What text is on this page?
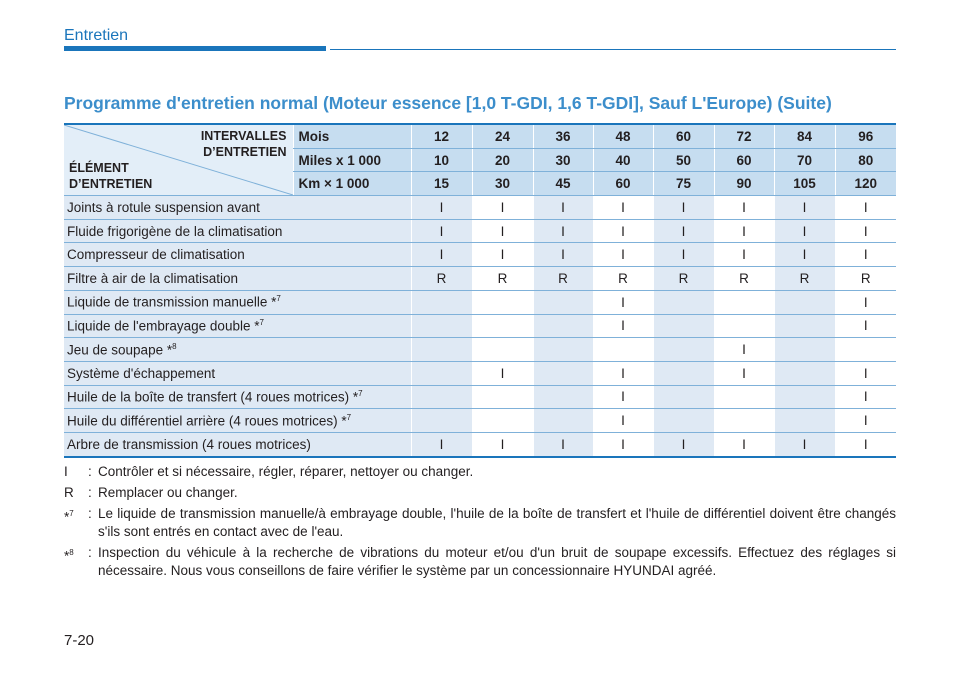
Entretien
Programme d'entretien normal (Moteur essence [1,0 T-GDI, 1,6 T-GDI], Sauf L'Europe) (Suite)
INTERVALLES
D’ENTRETIEN
ÉLÉMENT
D’ENTRETIEN	Mois	12	24	36	48	60	72	84	96
	Miles x 1 000	10	20	30	40	50	60	70	80
	Km × 1 000	15	30	45	60	75	90	105	120
Joints à rotule suspension avant		I	I	I	I	I	I	I	I
Fluide frigorigène de la climatisation		I	I	I	I	I	I	I	I
Compresseur de climatisation		I	I	I	I	I	I	I	I
Filtre à air de la climatisation		R	R	R	R	R	R	R	R
Liquide de transmission manuelle *$^7$					I				I
Liquide de l'embrayage double *$^7$					I				I
Jeu de soupape *$^8$							I		
Système d'échappement			I		I		I		I
Huile de la boîte de transfert (4 roues motrices) *$^7$					I				I
Huile du différentiel arrière (4 roues motrices) *$^7$					I				I
Arbre de transmission (4 roues motrices)		I	I	I	I	I	I	I	I
I	: Contrôler et si nécessaire, régler, réparer, nettoyer ou changer.
R	: Remplacer ou changer.
*$^7$	: Le liquide de transmission manuelle/à embrayage double, l'huile de la boîte de transfert et l'huile de différentiel doivent être changés s'ils sont entrés en contact avec de l'eau.
*$^8$	: Inspection du véhicule à la recherche de vibrations du moteur et/ou d'un bruit de soupape excessifs. Effectuez des réglages si nécessaire. Nous vous conseillons de faire vérifier le système par un concessionnaire HYUNDAI agréé.
7-20
